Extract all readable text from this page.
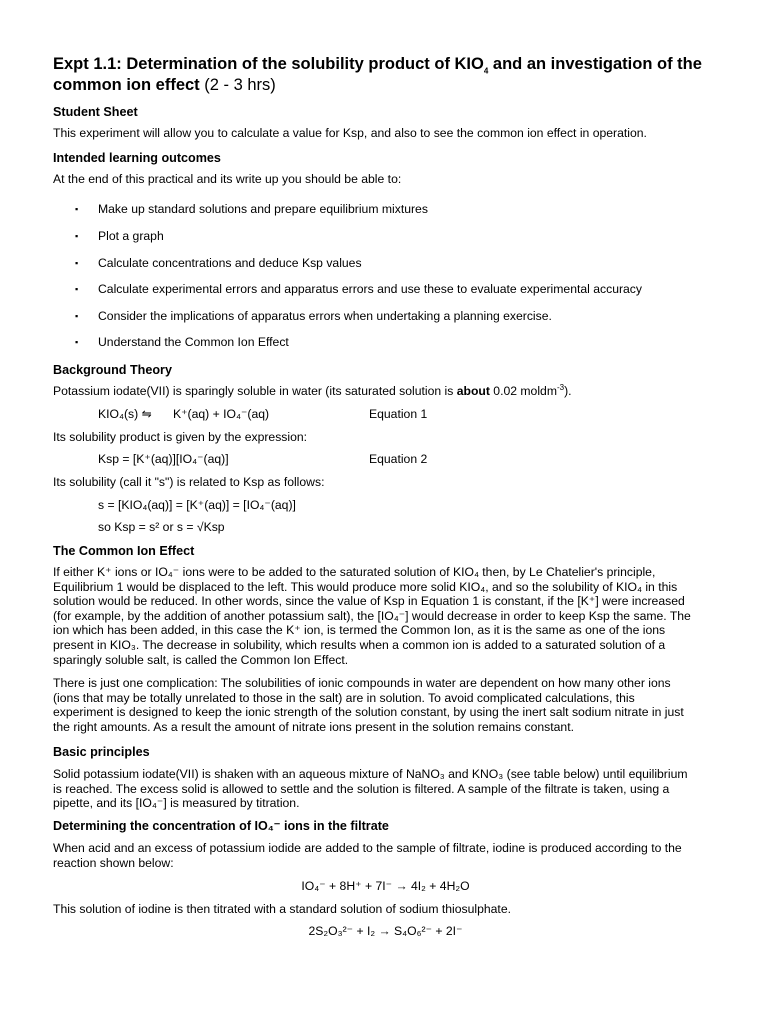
Expt 1.1: Determination of the solubility product of $KIO_4$ and an investigation of the common ion effect (2 - 3 hrs)
Student Sheet

This experiment will allow you to calculate a value for Ksp, and also to see the common ion effect in operation.

Intended learning outcomes

At the end of this practical and its write up you should be able to:

▪ Make up standard solutions and prepare equilibrium mixtures
▪ Plot a graph
▪ Calculate concentrations and deduce Ksp values
▪ Calculate experimental errors and apparatus errors and use these to evaluate experimental accuracy
▪ Consider the implications of apparatus errors when undertaking a planning exercise.
▪ Understand the Common Ion Effect
Background Theory

Potassium iodate(VII) is sparingly soluble in water (its saturated solution is about 0.02 moldm$^{-3}$).

KIO₄(s) ⇋ K⁺(aq) + IO₄⁻(aq)	Equation 1

Its solubility product is given by the expression:

Ksp = [K⁺(aq)][IO₄⁻(aq)]	Equation 2

Its solubility (call it "s") is related to Ksp as follows:

s = [KIO₄(aq)] = [K⁺(aq)] = [IO₄⁻(aq)]
so Ksp = s² or s = √Ksp
The Common Ion Effect

If either K⁺ ions or IO₄⁻ ions were to be added to the saturated solution of KIO₄ then, by Le Chatelier's principle,

Equilibrium 1 would be displaced to the left. This would produce more solid KIO₄, and so the solubility of KIO₄ in this

solution would be reduced. In other words, since the value of Ksp in Equation 1 is constant, if the [K⁺] were increased

(for example, by the addition of another potassium salt), the [IO₄⁻] would decrease in order to keep Ksp the same. The

ion which has been added, in this case the K⁺ ion, is termed the Common Ion, as it is the same as one of the ions

present in KIO₃. The decrease in solubility, which results when a common ion is added to a saturated solution of a

sparingly soluble salt, is called the Common Ion Effect.

There is just one complication: The solubilities of ionic compounds in water are dependent on how many other ions

(ions that may be totally unrelated to those in the salt) are in solution. To avoid complicated calculations, this

experiment is designed to keep the ionic strength of the solution constant, by using the inert salt sodium nitrate in just

the right amounts. As a result the amount of nitrate ions present in the solution remains constant.

Basic principles

Solid potassium iodate(VII) is shaken with an aqueous mixture of NaNO₃ and KNO₃ (see table below) until equilibrium

is reached. The excess solid is allowed to settle and the solution is filtered. A sample of the filtrate is taken, using a

pipette, and its [IO₄⁻] is measured by titration.

Determining the concentration of IO₄⁻ ions in the filtrate

When acid and an excess of potassium iodide are added to the sample of filtrate, iodine is produced according to the

reaction shown below:

IO₄⁻ + 8H⁺ + 7I⁻ → 4I₂ + 4H₂O

This solution of iodine is then titrated with a standard solution of sodium thiosulphate.

2S₂O₃²⁻ + I₂ → S₄O₆²⁻ + 2I⁻
